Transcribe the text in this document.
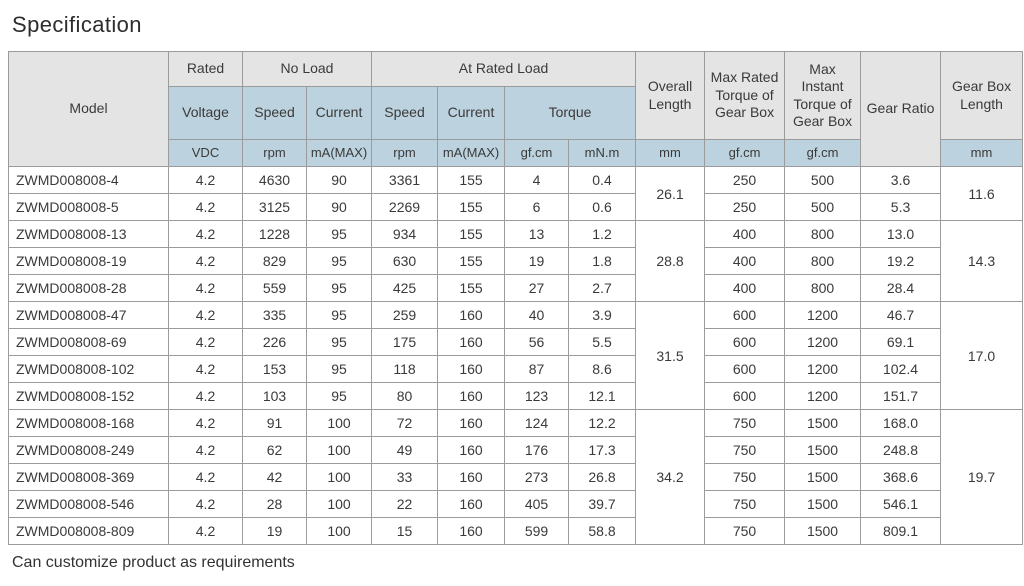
Specification
Model	Rated	No Load		At Rated Load				Overall Length	Max Rated Torque of Gear Box	Max Instant Torque of Gear Box	Gear Ratio	Gear Box Length
	Voltage	Speed	Current	Speed	Current	Torque						
	VDC	rpm	mA(MAX)	rpm	mA(MAX)	gf.cm	mN.m	mm	gf.cm	gf.cm		mm
ZWMD008008-4	4.2	4630	90	3361	155	4	0.4	26.1	250	500	3.6	11.6
ZWMD008008-5	4.2	3125	90	2269	155	6	0.6		250	500	5.3	
ZWMD008008-13	4.2	1228	95	934	155	13	1.2	28.8	400	800	13.0	14.3
ZWMD008008-19	4.2	829	95	630	155	19	1.8		400	800	19.2	
ZWMD008008-28	4.2	559	95	425	155	27	2.7		400	800	28.4	
ZWMD008008-47	4.2	335	95	259	160	40	3.9	31.5	600	1200	46.7	17.0
ZWMD008008-69	4.2	226	95	175	160	56	5.5		600	1200	69.1	
ZWMD008008-102	4.2	153	95	118	160	87	8.6		600	1200	102.4	
ZWMD008008-152	4.2	103	95	80	160	123	12.1		600	1200	151.7	
ZWMD008008-168	4.2	91	100	72	160	124	12.2	34.2	750	1500	168.0	19.7
ZWMD008008-249	4.2	62	100	49	160	176	17.3		750	1500	248.8	
ZWMD008008-369	4.2	42	100	33	160	273	26.8		750	1500	368.6	
ZWMD008008-546	4.2	28	100	22	160	405	39.7		750	1500	546.1	
ZWMD008008-809	4.2	19	100	15	160	599	58.8		750	1500	809.1	

Can customize product as requirements
